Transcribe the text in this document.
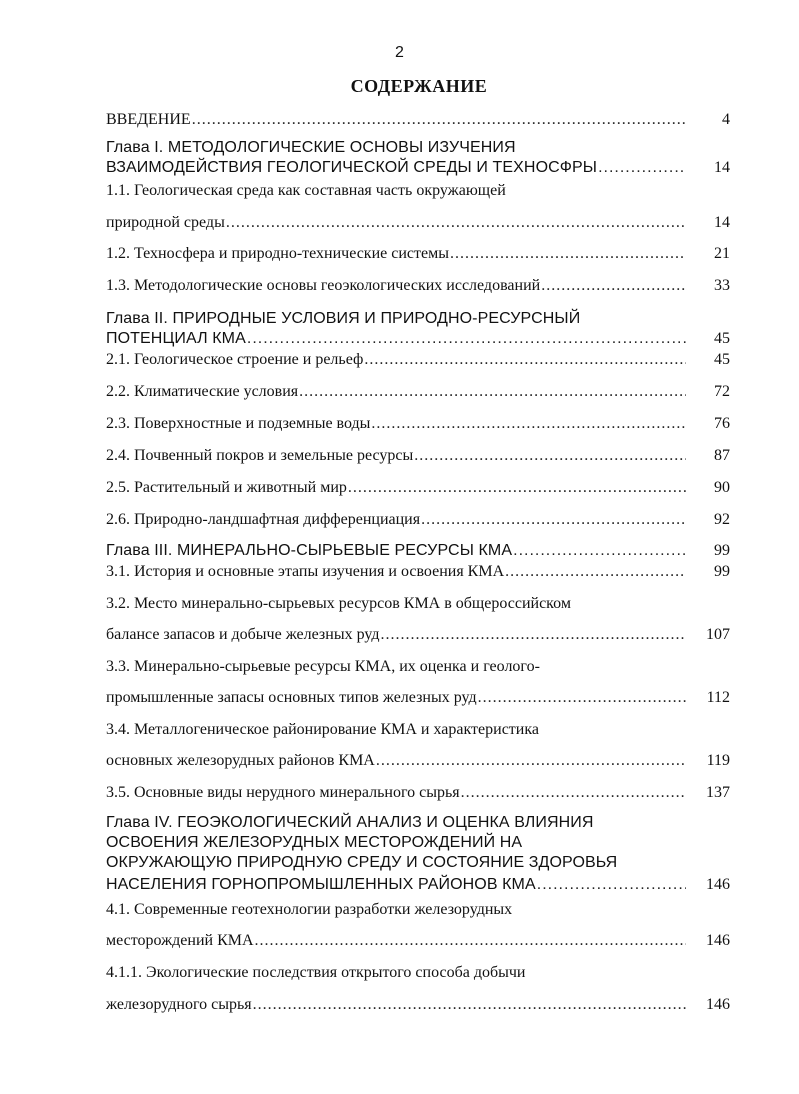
2
СОДЕРЖАНИЕ
4
ВВЕДЕНИЕ
.....
Глава I. МЕТОДОЛОГИЧЕСКИЕ ОСНОВЫ ИЗУЧЕНИЯ
14
ВЗАИМОДЕЙСТВИЯ ГЕОЛОГИЧЕСКОЙ СРЕДЫ И ТЕХНОСФРЫ
.....
1.1. Геологическая среда как составная часть окружающей
14
природной среды
.....
21
1.2. Техносфера и природно-технические системы
.....
33
1.3. Методологические основы геоэкологических исследований
.....
Глава II. ПРИРОДНЫЕ УСЛОВИЯ И ПРИРОДНО-РЕСУРСНЫЙ
45
ПОТЕНЦИАЛ КМА
.....
45
2.1. Геологическое строение и рельеф
.....
72
2.2. Климатические условия
.....
76
2.3. Поверхностные и подземные воды
.....
87
2.4. Почвенный покров и земельные ресурсы
.....
90
2.5. Растительный и животный мир
.....
92
2.6. Природно-ландшафтная дифференциация
.....
99
Глава III. МИНЕРАЛЬНО-СЫРЬЕВЫЕ РЕСУРСЫ КМА
.....
99
3.1. История и основные этапы изучения и освоения КМА
.....
3.2. Место минерально-сырьевых ресурсов КМА в общероссийском
107
балансе запасов и добыче железных руд
.....
3.3. Минерально-сырьевые ресурсы КМА, их оценка и геолого-
112
промышленные запасы основных типов железных руд
.....
3.4. Металлогеническое районирование КМА и характеристика
119
основных железорудных районов КМА
.....
137
3.5. Основные виды нерудного минерального сырья
.....
Глава IV. ГЕОЭКОЛОГИЧЕСКИЙ АНАЛИЗ И ОЦЕНКА ВЛИЯНИЯ
ОСВОЕНИЯ ЖЕЛЕЗОРУДНЫХ МЕСТОРОЖДЕНИЙ НА
ОКРУЖАЮЩУЮ ПРИРОДНУЮ СРЕДУ И СОСТОЯНИЕ ЗДОРОВЬЯ
146
НАСЕЛЕНИЯ ГОРНОПРОМЫШЛЕННЫХ РАЙОНОВ КМА
.....
4.1. Современные геотехнологии разработки железорудных
146
месторождений КМА
.....
4.1.1. Экологические последствия открытого способа добычи
146
железорудного сырья
.....
